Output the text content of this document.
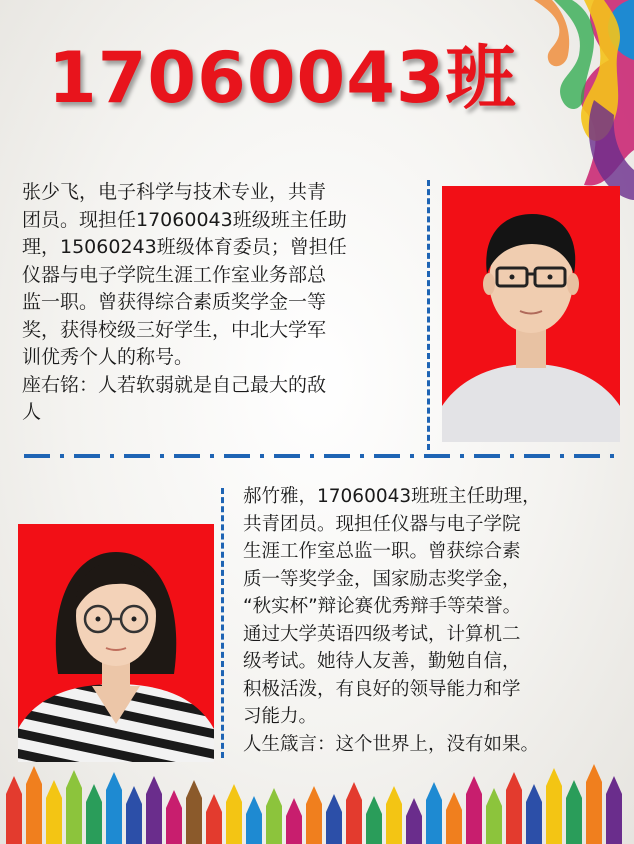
17060043班

张少飞，电子科学与技术专业，共青
团员。现担任17060043班级班主任助
理，15060243班级体育委员；曾担任
仪器与电子学院生涯工作室业务部总
监一职。曾获得综合素质奖学金一等
奖，获得校级三好学生，中北大学军
训优秀个人的称号。
座右铭：人若软弱就是自己最大的敌
人

郝竹雅，17060043班班主任助理，
共青团员。现担任仪器与电子学院
生涯工作室总监一职。曾获综合素
质一等奖学金，国家励志奖学金，
“秋实杯”辩论赛优秀辩手等荣誉。
通过大学英语四级考试，计算机二
级考试。她待人友善，勤勉自信，
积极活泼，有良好的领导能力和学
习能力。
人生箴言：这个世界上，没有如果。
